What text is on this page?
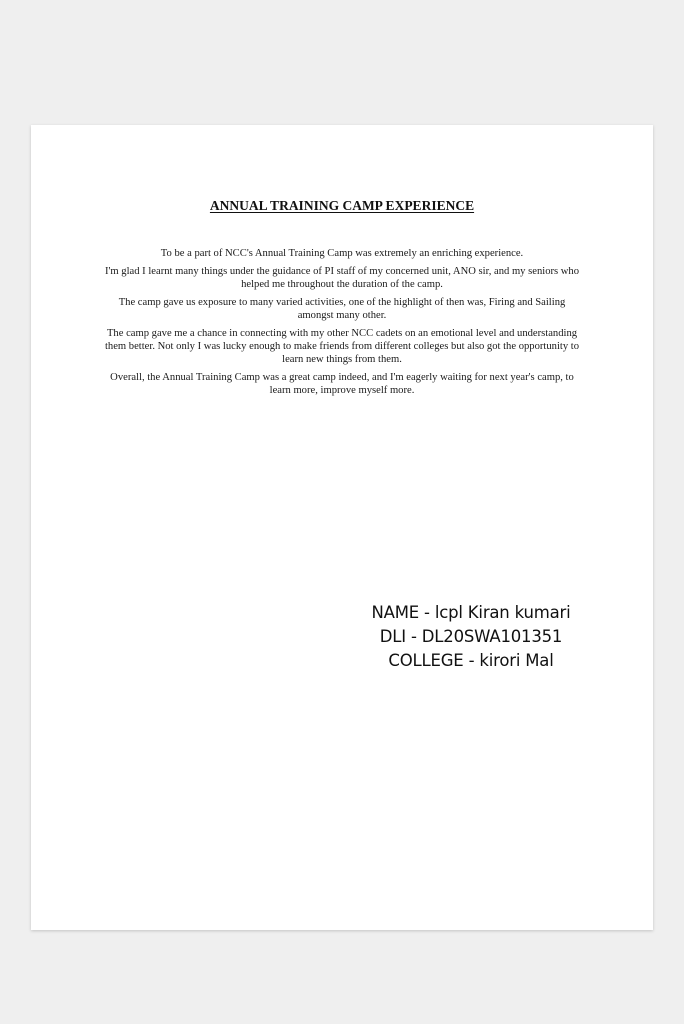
ANNUAL TRAINING CAMP EXPERIENCE

To be a part of NCC's Annual Training Camp was extremely an enriching experience.

I'm glad I learnt many things under the guidance of PI staff of my concerned unit, ANO sir, and my seniors who helped me throughout the duration of the camp.

The camp gave us exposure to many varied activities, one of the highlight of then was, Firing and Sailing amongst many other.

The camp gave me a chance in connecting with my other NCC cadets on an emotional level and understanding them better. Not only I was lucky enough to make friends from different colleges but also got the opportunity to learn new things from them.

Overall, the Annual Training Camp was a great camp indeed, and I'm eagerly waiting for next year's camp, to learn more, improve myself more.

NAME - lcpl Kiran kumari
DLI - DL20SWA101351
COLLEGE - kirori Mal
